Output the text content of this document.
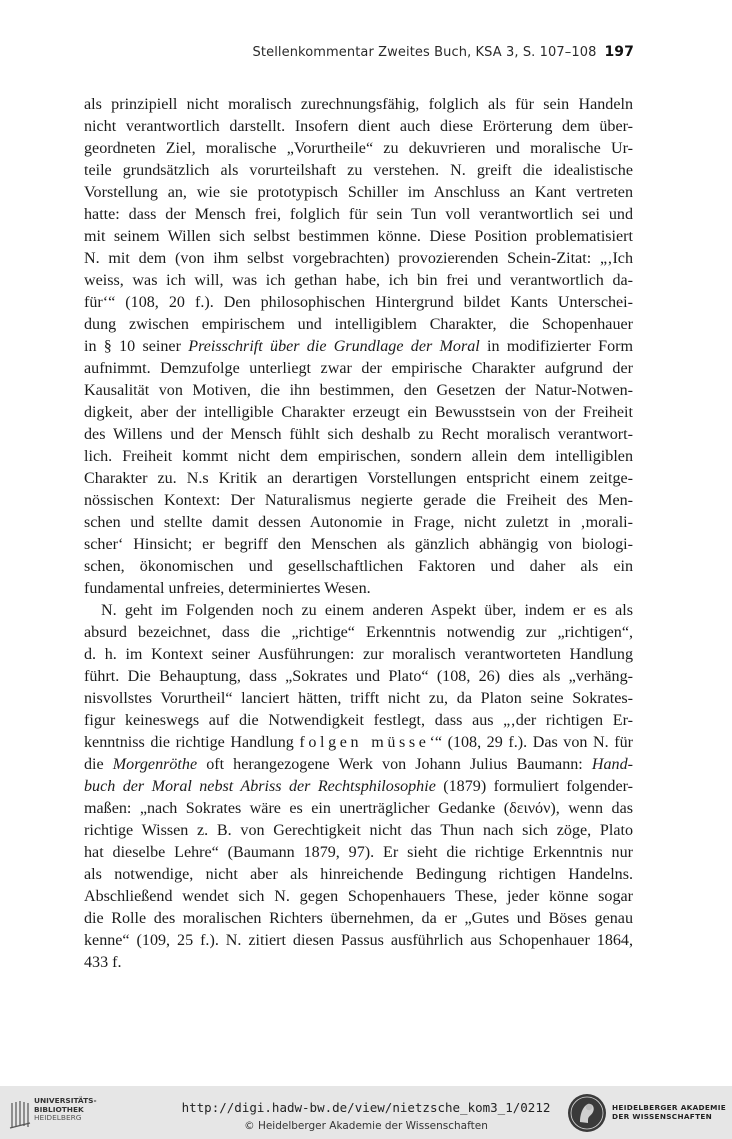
Stellenkommentar Zweites Buch, KSA 3, S. 107–108 197
als prinzipiell nicht moralisch zurechnungsfähig, folglich als für sein Handeln
nicht verantwortlich darstellt. Insofern dient auch diese Erörterung dem über-
geordneten Ziel, moralische „Vorurtheile“ zu dekuvrieren und moralische Ur-
teile grundsätzlich als vorurteilshaft zu verstehen. N. greift die idealistische
Vorstellung an, wie sie prototypisch Schiller im Anschluss an Kant vertreten
hatte: dass der Mensch frei, folglich für sein Tun voll verantwortlich sei und
mit seinem Willen sich selbst bestimmen könne. Diese Position problematisiert
N. mit dem (von ihm selbst vorgebrachten) provozierenden Schein-Zitat: „‚Ich
weiss, was ich will, was ich gethan habe, ich bin frei und verantwortlich da-
für‘“ (108, 20 f.). Den philosophischen Hintergrund bildet Kants Unterschei-
dung zwischen empirischem und intelligiblem Charakter, die Schopenhauer
in § 10 seiner Preisschrift über die Grundlage der Moral in modifizierter Form
aufnimmt. Demzufolge unterliegt zwar der empirische Charakter aufgrund der
Kausalität von Motiven, die ihn bestimmen, den Gesetzen der Natur-Notwen-
digkeit, aber der intelligible Charakter erzeugt ein Bewusstsein von der Freiheit
des Willens und der Mensch fühlt sich deshalb zu Recht moralisch verantwort-
lich. Freiheit kommt nicht dem empirischen, sondern allein dem intelligiblen
Charakter zu. N.s Kritik an derartigen Vorstellungen entspricht einem zeitge-
nössischen Kontext: Der Naturalismus negierte gerade die Freiheit des Men-
schen und stellte damit dessen Autonomie in Frage, nicht zuletzt in ‚morali-
scher‘ Hinsicht; er begriff den Menschen als gänzlich abhängig von biologi-
schen, ökonomischen und gesellschaftlichen Faktoren und daher als ein
fundamental unfreies, determiniertes Wesen.
N. geht im Folgenden noch zu einem anderen Aspekt über, indem er es als
absurd bezeichnet, dass die „richtige“ Erkenntnis notwendig zur „richtigen“,
d. h. im Kontext seiner Ausführungen: zur moralisch verantworteten Handlung
führt. Die Behauptung, dass „Sokrates und Plato“ (108, 26) dies als „verhäng-
nisvollstes Vorurtheil“ lanciert hätten, trifft nicht zu, da Platon seine Sokrates-
figur keineswegs auf die Notwendigkeit festlegt, dass aus „‚der richtigen Er-
kenntniss die richtige Handlung folgen müsse‘“ (108, 29 f.). Das von N. für
die Morgenröthe oft herangezogene Werk von Johann Julius Baumann: Hand-
buch der Moral nebst Abriss der Rechtsphilosophie (1879) formuliert folgender-
maßen: „nach Sokrates wäre es ein unerträglicher Gedanke (δεινόν), wenn das
richtige Wissen z. B. von Gerechtigkeit nicht das Thun nach sich zöge, Plato
hat dieselbe Lehre“ (Baumann 1879, 97). Er sieht die richtige Erkenntnis nur
als notwendige, nicht aber als hinreichende Bedingung richtigen Handelns.
Abschließend wendet sich N. gegen Schopenhauers These, jeder könne sogar
die Rolle des moralischen Richters übernehmen, da er „Gutes und Böses genau
kenne“ (109, 25 f.). N. zitiert diesen Passus ausführlich aus Schopenhauer 1864,
433 f.
UNIVERSITÄTS-
BIBLIOTHEK
HEIDELBERG
http://digi.hadw-bw.de/view/nietzsche_kom3_1/0212
© Heidelberger Akademie der Wissenschaften
HEIDELBERGER AKADEMIE
DER WISSENSCHAFTEN
